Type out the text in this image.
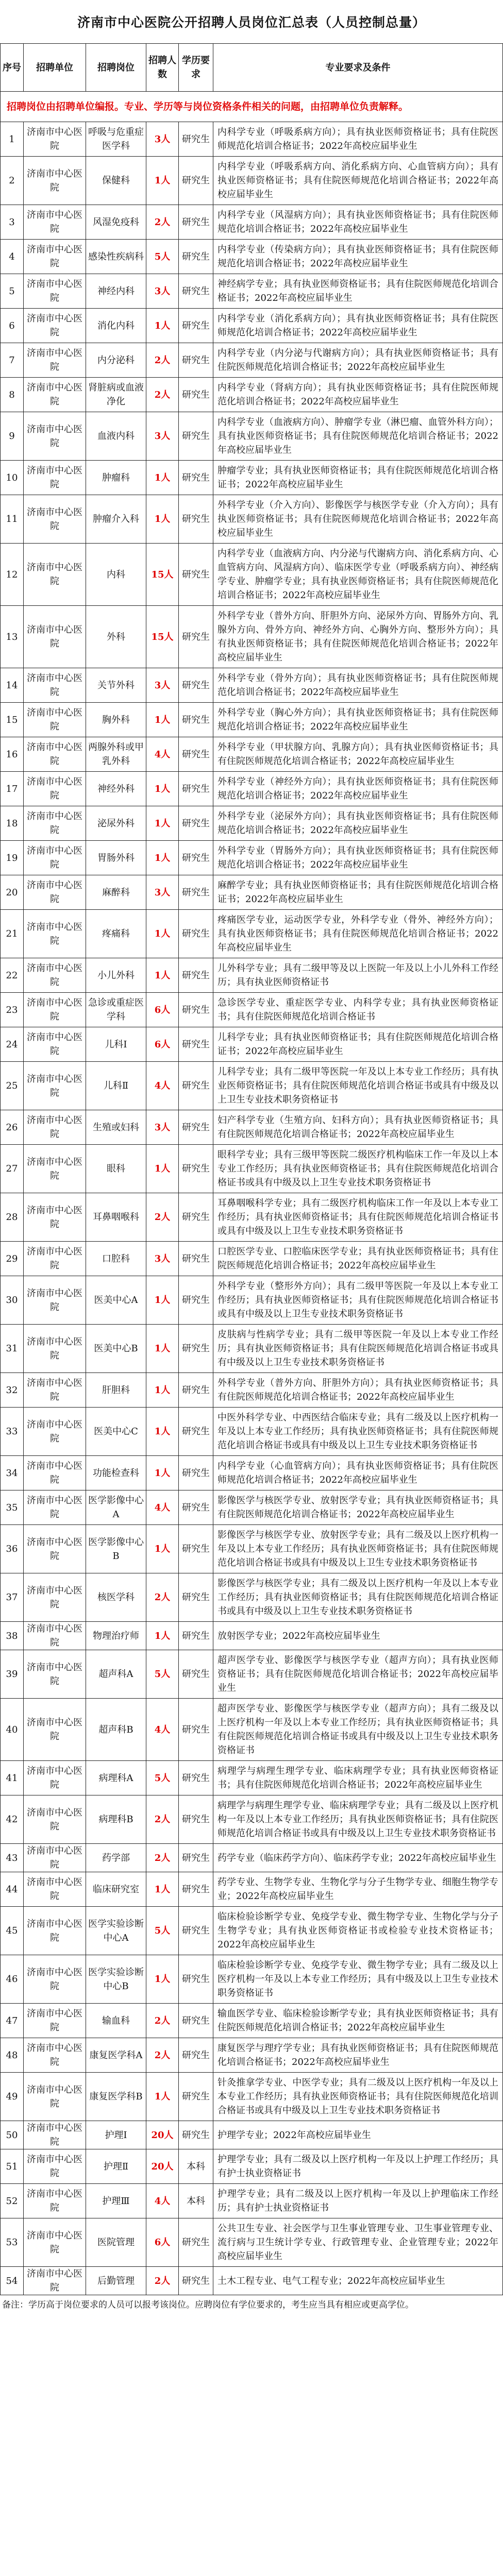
济南市中心医院公开招聘人员岗位汇总表（人员控制总量）
序号	招聘单位	招聘岗位	招聘人数	学历要求	专业要求及条件
招聘岗位由招聘单位编报。专业、学历等与岗位资格条件相关的问题，由招聘单位负责解释。					
1	济南市中心医院	呼吸与危重症医学科	3人	研究生	内科学专业（呼吸系病方向）；具有执业医师资格证书；具有住院医师规范化培训合格证书；2022年高校应届毕业生
2	济南市中心医院	保健科	1人	研究生	内科学专业（呼吸系病方向、消化系病方向、心血管病方向）；具有执业医师资格证书；具有住院医师规范化培训合格证书；2022年高校应届毕业生
3	济南市中心医院	风湿免疫科	2人	研究生	内科学专业（风湿病方向）；具有执业医师资格证书；具有住院医师规范化培训合格证书；2022年高校应届毕业生
4	济南市中心医院	感染性疾病科	5人	研究生	内科学专业（传染病方向）；具有执业医师资格证书；具有住院医师规范化培训合格证书；2022年高校应届毕业生
5	济南市中心医院	神经内科	3人	研究生	神经病学专业；具有执业医师资格证书；具有住院医师规范化培训合格证书；2022年高校应届毕业生
6	济南市中心医院	消化内科	1人	研究生	内科学专业（消化系病方向）；具有执业医师资格证书；具有住院医师规范化培训合格证书；2022年高校应届毕业生
7	济南市中心医院	内分泌科	2人	研究生	内科学专业（内分泌与代谢病方向）；具有执业医师资格证书；具有住院医师规范化培训合格证书；2022年高校应届毕业生
8	济南市中心医院	肾脏病或血液净化	2人	研究生	内科学专业（肾病方向）；具有执业医师资格证书；具有住院医师规范化培训合格证书；2022年高校应届毕业生
9	济南市中心医院	血液内科	3人	研究生	内科学专业（血液病方向）、肿瘤学专业（淋巴瘤、血管外科方向）；具有执业医师资格证书；具有住院医师规范化培训合格证书；2022年高校应届毕业生
10	济南市中心医院	肿瘤科	1人	研究生	肿瘤学专业；具有执业医师资格证书；具有住院医师规范化培训合格证书；2022年高校应届毕业生
11	济南市中心医院	肿瘤介入科	1人	研究生	外科学专业（介入方向）、影像医学与核医学专业（介入方向）；具有执业医师资格证书；具有住院医师规范化培训合格证书；2022年高校应届毕业生
12	济南市中心医院	内科	15人	研究生	内科学专业（血液病方向、内分泌与代谢病方向、消化系病方向、心血管病方向、风湿病方向）、临床医学专业（呼吸系病方向）、神经病学专业、肿瘤学专业；具有执业医师资格证书；具有住院医师规范化培训合格证书；2022年高校应届毕业生
13	济南市中心医院	外科	15人	研究生	外科学专业（普外方向、肝胆外方向、泌尿外方向、胃肠外方向、乳腺外方向、骨外方向、神经外方向、心胸外方向、整形外方向）；具有执业医师资格证书；具有住院医师规范化培训合格证书；2022年高校应届毕业生
14	济南市中心医院	关节外科	3人	研究生	外科学专业（骨外方向）；具有执业医师资格证书；具有住院医师规范化培训合格证书；2022年高校应届毕业生
15	济南市中心医院	胸外科	1人	研究生	外科学专业（胸心外方向）；具有执业医师资格证书；具有住院医师规范化培训合格证书；2022年高校应届毕业生
16	济南市中心医院	两腺外科或甲乳外科	4人	研究生	外科学专业（甲状腺方向、乳腺方向）；具有执业医师资格证书；具有住院医师规范化培训合格证书；2022年高校应届毕业生
17	济南市中心医院	神经外科	1人	研究生	外科学专业（神经外方向）；具有执业医师资格证书；具有住院医师规范化培训合格证书；2022年高校应届毕业生
18	济南市中心医院	泌尿外科	1人	研究生	外科学专业（泌尿外方向）；具有执业医师资格证书；具有住院医师规范化培训合格证书；2022年高校应届毕业生
19	济南市中心医院	胃肠外科	1人	研究生	外科学专业（胃肠外方向）；具有执业医师资格证书；具有住院医师规范化培训合格证书；2022年高校应届毕业生
20	济南市中心医院	麻醉科	3人	研究生	麻醉学专业；具有执业医师资格证书；具有住院医师规范化培训合格证书；2022年高校应届毕业生
21	济南市中心医院	疼痛科	1人	研究生	疼痛医学专业，运动医学专业，外科学专业（骨外、神经外方向）；具有执业医师资格证书；具有住院医师规范化培训合格证书；2022年高校应届毕业生
22	济南市中心医院	小儿外科	1人	研究生	儿外科学专业；具有二级甲等及以上医院一年及以上小儿外科工作经历；具有执业医师资格证书
23	济南市中心医院	急诊或重症医学科	6人	研究生	急诊医学专业、重症医学专业、内科学专业；具有执业医师资格证书；具有住院医师规范化培训合格证书
24	济南市中心医院	儿科Ⅰ	6人	研究生	儿科学专业；具有执业医师资格证书；具有住院医师规范化培训合格证书；2022年高校应届毕业生
25	济南市中心医院	儿科Ⅱ	4人	研究生	儿科学专业；具有二级甲等医院一年及以上本专业工作经历；具有执业医师资格证书；具有住院医师规范化培训合格证书或具有中级及以上卫生专业技术职务资格证书
26	济南市中心医院	生殖或妇科	3人	研究生	妇产科学专业（生殖方向、妇科方向）；具有执业医师资格证书；具有住院医师规范化培训合格证书；2022年高校应届毕业生
27	济南市中心医院	眼科	1人	研究生	眼科学专业；具有三级甲等医院二级医疗机构临床工作一年及以上本专业工作经历；具有执业医师资格证书；具有住院医师规范化培训合格证书或具有中级及以上卫生专业技术职务资格证书
28	济南市中心医院	耳鼻咽喉科	2人	研究生	耳鼻咽喉科学专业；具有二级医疗机构临床工作一年及以上本专业工作经历；具有执业医师资格证书；具有住院医师规范化培训合格证书或具有中级及以上卫生专业技术职务资格证书
29	济南市中心医院	口腔科	3人	研究生	口腔医学专业、口腔临床医学专业；具有执业医师资格证书；具有住院医师规范化培训合格证书；2022年高校应届毕业生
30	济南市中心医院	医美中心A	1人	研究生	外科学专业（整形外方向）；具有二级甲等医院一年及以上本专业工作经历；具有执业医师资格证书；具有住院医师规范化培训合格证书或具有中级及以上卫生专业技术职务资格证书
31	济南市中心医院	医美中心B	1人	研究生	皮肤病与性病学专业；具有二级甲等医院一年及以上本专业工作经历；具有执业医师资格证书；具有住院医师规范化培训合格证书或具有中级及以上卫生专业技术职务资格证书
32	济南市中心医院	肝胆科	1人	研究生	外科学专业（普外方向、肝胆外方向）；具有执业医师资格证书；具有住院医师规范化培训合格证书；2022年高校应届毕业生
33	济南市中心医院	医美中心C	1人	研究生	中医外科学专业、中西医结合临床专业；具有二级及以上医疗机构一年及以上本专业工作经历；具有执业医师资格证书；具有住院医师规范化培训合格证书或具有中级及以上卫生专业技术职务资格证书
34	济南市中心医院	功能检查科	1人	研究生	内科学专业（心血管病方向）；具有执业医师资格证书；具有住院医师规范化培训合格证书；2022年高校应届毕业生
35	济南市中心医院	医学影像中心A	4人	研究生	影像医学与核医学专业、放射医学专业；具有执业医师资格证书；具有住院医师规范化培训合格证书；2022年高校应届毕业生
36	济南市中心医院	医学影像中心B	1人	研究生	影像医学与核医学专业、放射医学专业；具有二级及以上医疗机构一年及以上本专业工作经历；具有执业医师资格证书；具有住院医师规范化培训合格证书或具有中级及以上卫生专业技术职务资格证书
37	济南市中心医院	核医学科	2人	研究生	影像医学与核医学专业；具有二级及以上医疗机构一年及以上本专业工作经历；具有执业医师资格证书；具有住院医师规范化培训合格证书或具有中级及以上卫生专业技术职务资格证书
38	济南市中心医院	物理治疗师	1人	研究生	放射医学专业；2022年高校应届毕业生
39	济南市中心医院	超声科A	5人	研究生	超声医学专业、影像医学与核医学专业（超声方向）；具有执业医师资格证书；具有住院医师规范化培训合格证书；2022年高校应届毕业生
40	济南市中心医院	超声科B	4人	研究生	超声医学专业、影像医学与核医学专业（超声方向）；具有二级及以上医疗机构一年及以上本专业工作经历；具有执业医师资格证书；具有住院医师规范化培训合格证书或具有中级及以上卫生专业技术职务资格证书
41	济南市中心医院	病理科A	5人	研究生	病理学与病理生理学专业、临床病理学专业；具有执业医师资格证书；具有住院医师规范化培训合格证书；2022年高校应届毕业生
42	济南市中心医院	病理科B	2人	研究生	病理学与病理生理学专业、临床病理学专业；具有二级及以上医疗机构一年及以上本专业工作经历；具有执业医师资格证书；具有住院医师规范化培训合格证书或具有中级及以上卫生专业技术职务资格证书
43	济南市中心医院	药学部	2人	研究生	药学专业（临床药学方向）、临床药学专业；2022年高校应届毕业生
44	济南市中心医院	临床研究室	1人	研究生	药学专业、生物学专业、生物化学与分子生物学专业、细胞生物学专业；2022年高校应届毕业生
45	济南市中心医院	医学实验诊断中心A	5人	研究生	临床检验诊断学专业、免疫学专业、微生物学专业、生物化学与分子生物学专业；具有执业医师资格证书或检验专业技术资格证书；2022年高校应届毕业生
46	济南市中心医院	医学实验诊断中心B	1人	研究生	临床检验诊断学专业、免疫学专业、微生物学专业；具有二级及以上医疗机构一年及以上本专业工作经历；具有中级及以上卫生专业技术职务资格证书
47	济南市中心医院	输血科	2人	研究生	输血医学专业、临床检验诊断学专业；具有执业医师资格证书；具有住院医师规范化培训合格证书；2022年高校应届毕业生
48	济南市中心医院	康复医学科A	2人	研究生	康复医学与理疗学专业；具有执业医师资格证书；具有住院医师规范化培训合格证书；2022年高校应届毕业生
49	济南市中心医院	康复医学科B	1人	研究生	针灸推拿学专业、中医学专业；具有二级及以上医疗机构一年及以上本专业工作经历；具有执业医师资格证书；具有住院医师规范化培训合格证书或具有中级及以上卫生专业技术职务资格证书
50	济南市中心医院	护理Ⅰ	20人	研究生	护理学专业；2022年高校应届毕业生
51	济南市中心医院	护理Ⅱ	20人	本科	护理学专业；具有二级及以上医疗机构一年及以上护理工作经历；具有护士执业资格证书
52	济南市中心医院	护理Ⅲ	4人	本科	护理学专业；具有二级及以上医疗机构一年及以上护理临床工作经历；具有护士执业资格证书
53	济南市中心医院	医院管理	6人	研究生	公共卫生专业、社会医学与卫生事业管理专业、卫生事业管理专业、流行病与卫生统计学专业、行政管理专业、企业管理专业；2022年高校应届毕业生
54	济南市中心医院	后勤管理	2人	研究生	土木工程专业、电气工程专业；2022年高校应届毕业生
备注：学历高于岗位要求的人员可以报考该岗位。应聘岗位有学位要求的，考生应当具有相应或更高学位。
